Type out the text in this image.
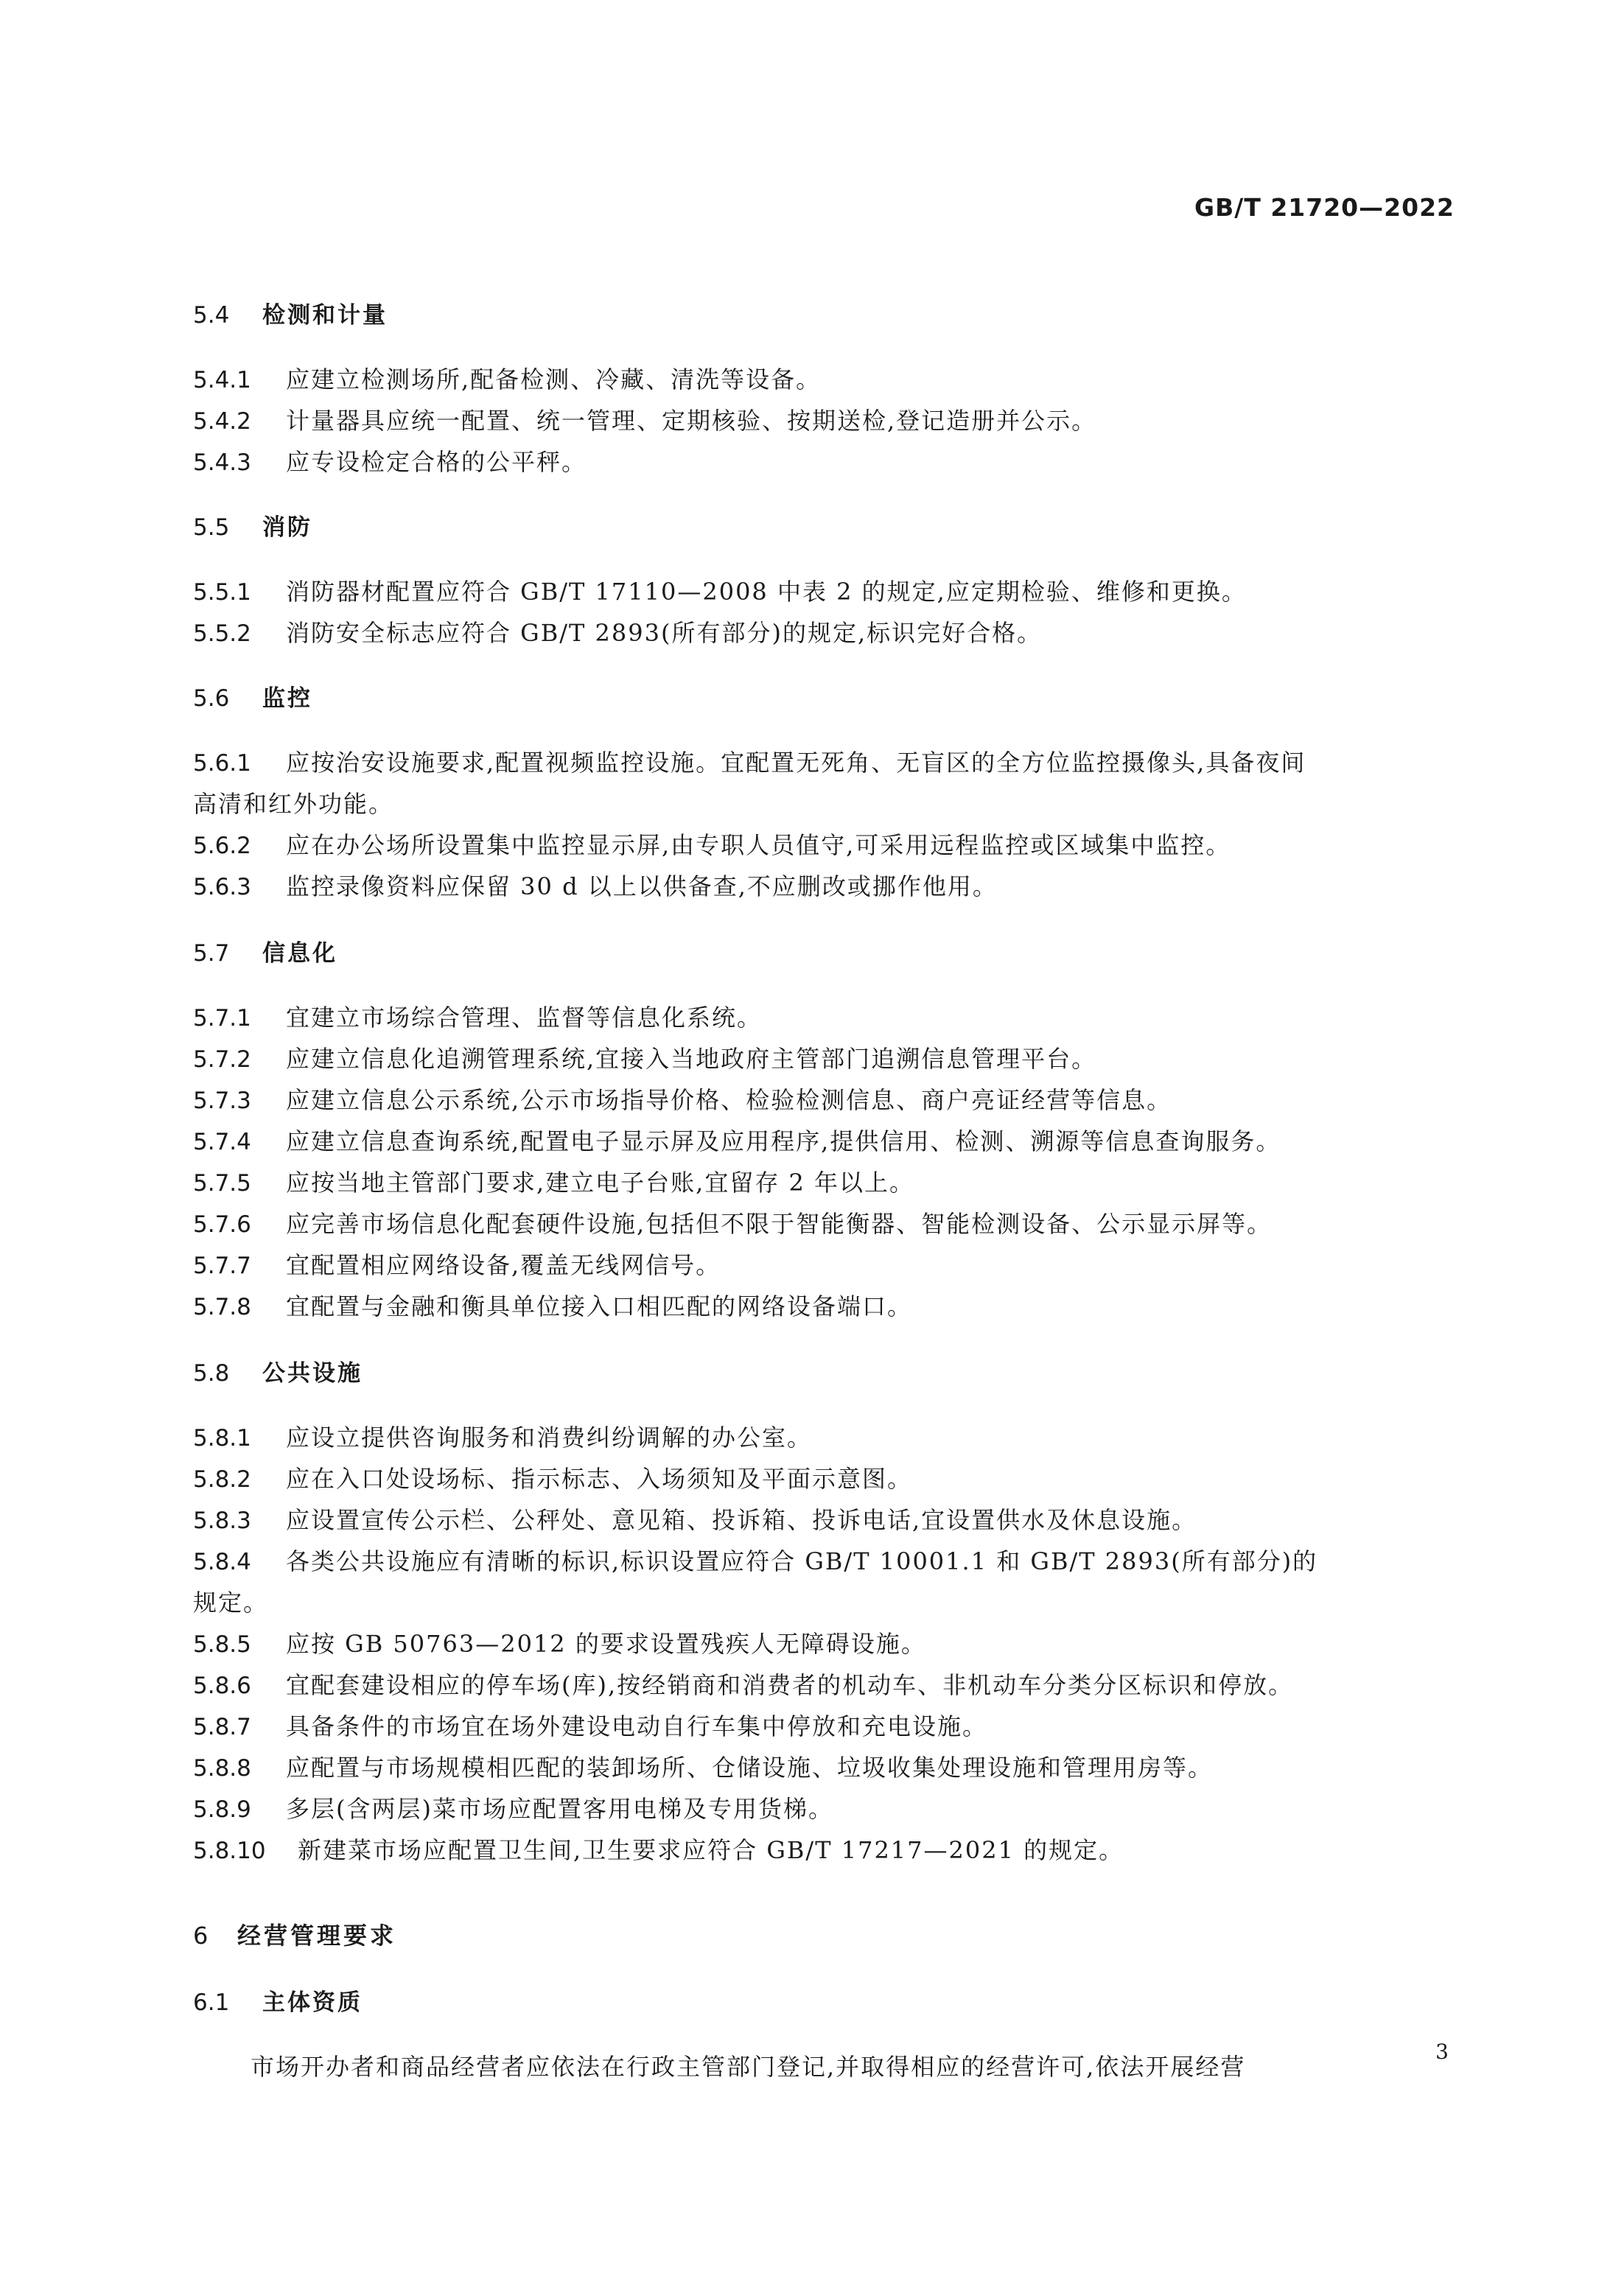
GB/T 21720—2022
5.4 检测和计量
5.4.1 应建立检测场所,配备检测、冷藏、清洗等设备。
5.4.2 计量器具应统一配置、统一管理、定期核验、按期送检,登记造册并公示。
5.4.3 应专设检定合格的公平秤。
5.5 消防
5.5.1 消防器材配置应符合 GB/T 17110—2008 中表 2 的规定,应定期检验、维修和更换。
5.5.2 消防安全标志应符合 GB/T 2893(所有部分)的规定,标识完好合格。
5.6 监控
5.6.1 应按治安设施要求,配置视频监控设施。宜配置无死角、无盲区的全方位监控摄像头,具备夜间
高清和红外功能。
5.6.2 应在办公场所设置集中监控显示屏,由专职人员值守,可采用远程监控或区域集中监控。
5.6.3 监控录像资料应保留 30 d 以上以供备查,不应删改或挪作他用。
5.7 信息化
5.7.1 宜建立市场综合管理、监督等信息化系统。
5.7.2 应建立信息化追溯管理系统,宜接入当地政府主管部门追溯信息管理平台。
5.7.3 应建立信息公示系统,公示市场指导价格、检验检测信息、商户亮证经营等信息。
5.7.4 应建立信息查询系统,配置电子显示屏及应用程序,提供信用、检测、溯源等信息查询服务。
5.7.5 应按当地主管部门要求,建立电子台账,宜留存 2 年以上。
5.7.6 应完善市场信息化配套硬件设施,包括但不限于智能衡器、智能检测设备、公示显示屏等。
5.7.7 宜配置相应网络设备,覆盖无线网信号。
5.7.8 宜配置与金融和衡具单位接入口相匹配的网络设备端口。
5.8 公共设施
5.8.1 应设立提供咨询服务和消费纠纷调解的办公室。
5.8.2 应在入口处设场标、指示标志、入场须知及平面示意图。
5.8.3 应设置宣传公示栏、公秤处、意见箱、投诉箱、投诉电话,宜设置供水及休息设施。
5.8.4 各类公共设施应有清晰的标识,标识设置应符合 GB/T 10001.1 和 GB/T 2893(所有部分)的
规定。
5.8.5 应按 GB 50763—2012 的要求设置残疾人无障碍设施。
5.8.6 宜配套建设相应的停车场(库),按经销商和消费者的机动车、非机动车分类分区标识和停放。
5.8.7 具备条件的市场宜在场外建设电动自行车集中停放和充电设施。
5.8.8 应配置与市场规模相匹配的装卸场所、仓储设施、垃圾收集处理设施和管理用房等。
5.8.9 多层(含两层)菜市场应配置客用电梯及专用货梯。
5.8.10 新建菜市场应配置卫生间,卫生要求应符合 GB/T 17217—2021 的规定。
6 经营管理要求
6.1 主体资质
市场开办者和商品经营者应依法在行政主管部门登记,并取得相应的经营许可,依法开展经营
3
